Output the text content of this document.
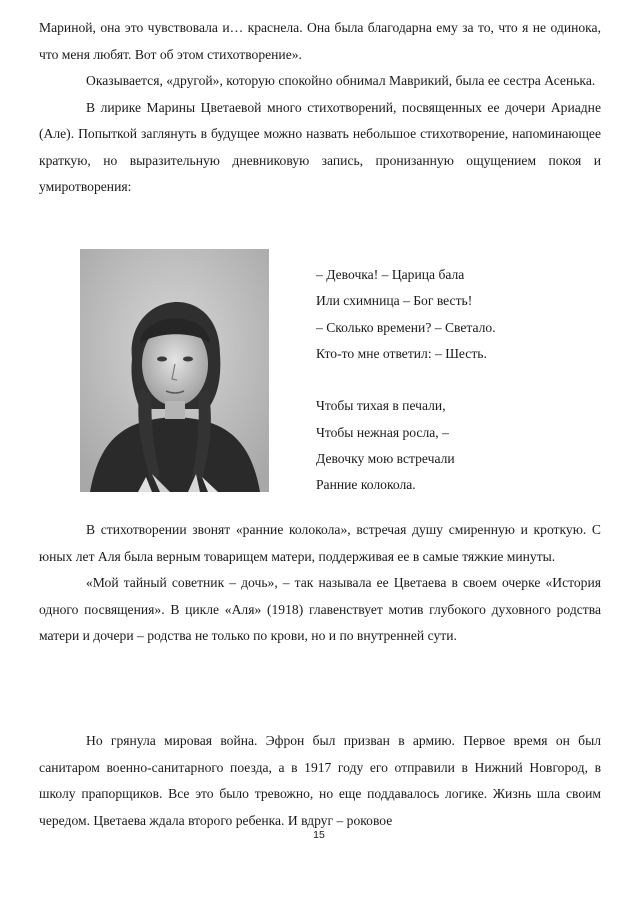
Мариной, она это чувствовала и… краснела. Она была благодарна ему за то, что я не одинока, что меня любят. Вот об этом стихотворение».

Оказывается, «другой», которую спокойно обнимал Маврикий, была ее сестра Асенька.

В лирике Марины Цветаевой много стихотворений, посвященных ее дочери Ариадне (Але). Попыткой заглянуть в будущее можно назвать небольшое стихотворение, напоминающее краткую, но выразительную дневниковую запись, пронизанную ощущением покоя и умиротворения:

– Девочка! – Царица бала
Или схимница – Бог весть!
– Сколько времени? – Светало.
Кто-то мне ответил: – Шесть.
Чтобы тихая в печали,
Чтобы нежная росла, –
Девочку мою встречали
Ранние колокола.

В стихотворении звонят «ранние колокола», встречая душу смиренную и кроткую. С юных лет Аля была верным товарищем матери, поддерживая ее в самые тяжкие минуты.

«Мой тайный советник – дочь», – так называла ее Цветаева в своем очерке «История одного посвящения». В цикле «Аля» (1918) главенствует мотив глубокого духовного родства матери и дочери – родства не только по крови, но и по внутренней сути.

Но грянула мировая война. Эфрон был призван в армию. Первое время он был санитаром военно-санитарного поезда, а в 1917 году его отправили в Нижний Новгород, в школу прапорщиков. Все это было тревожно, но еще поддавалось логике. Жизнь шла своим чередом. Цветаева ждала второго ребенка. И вдруг – роковое

15
